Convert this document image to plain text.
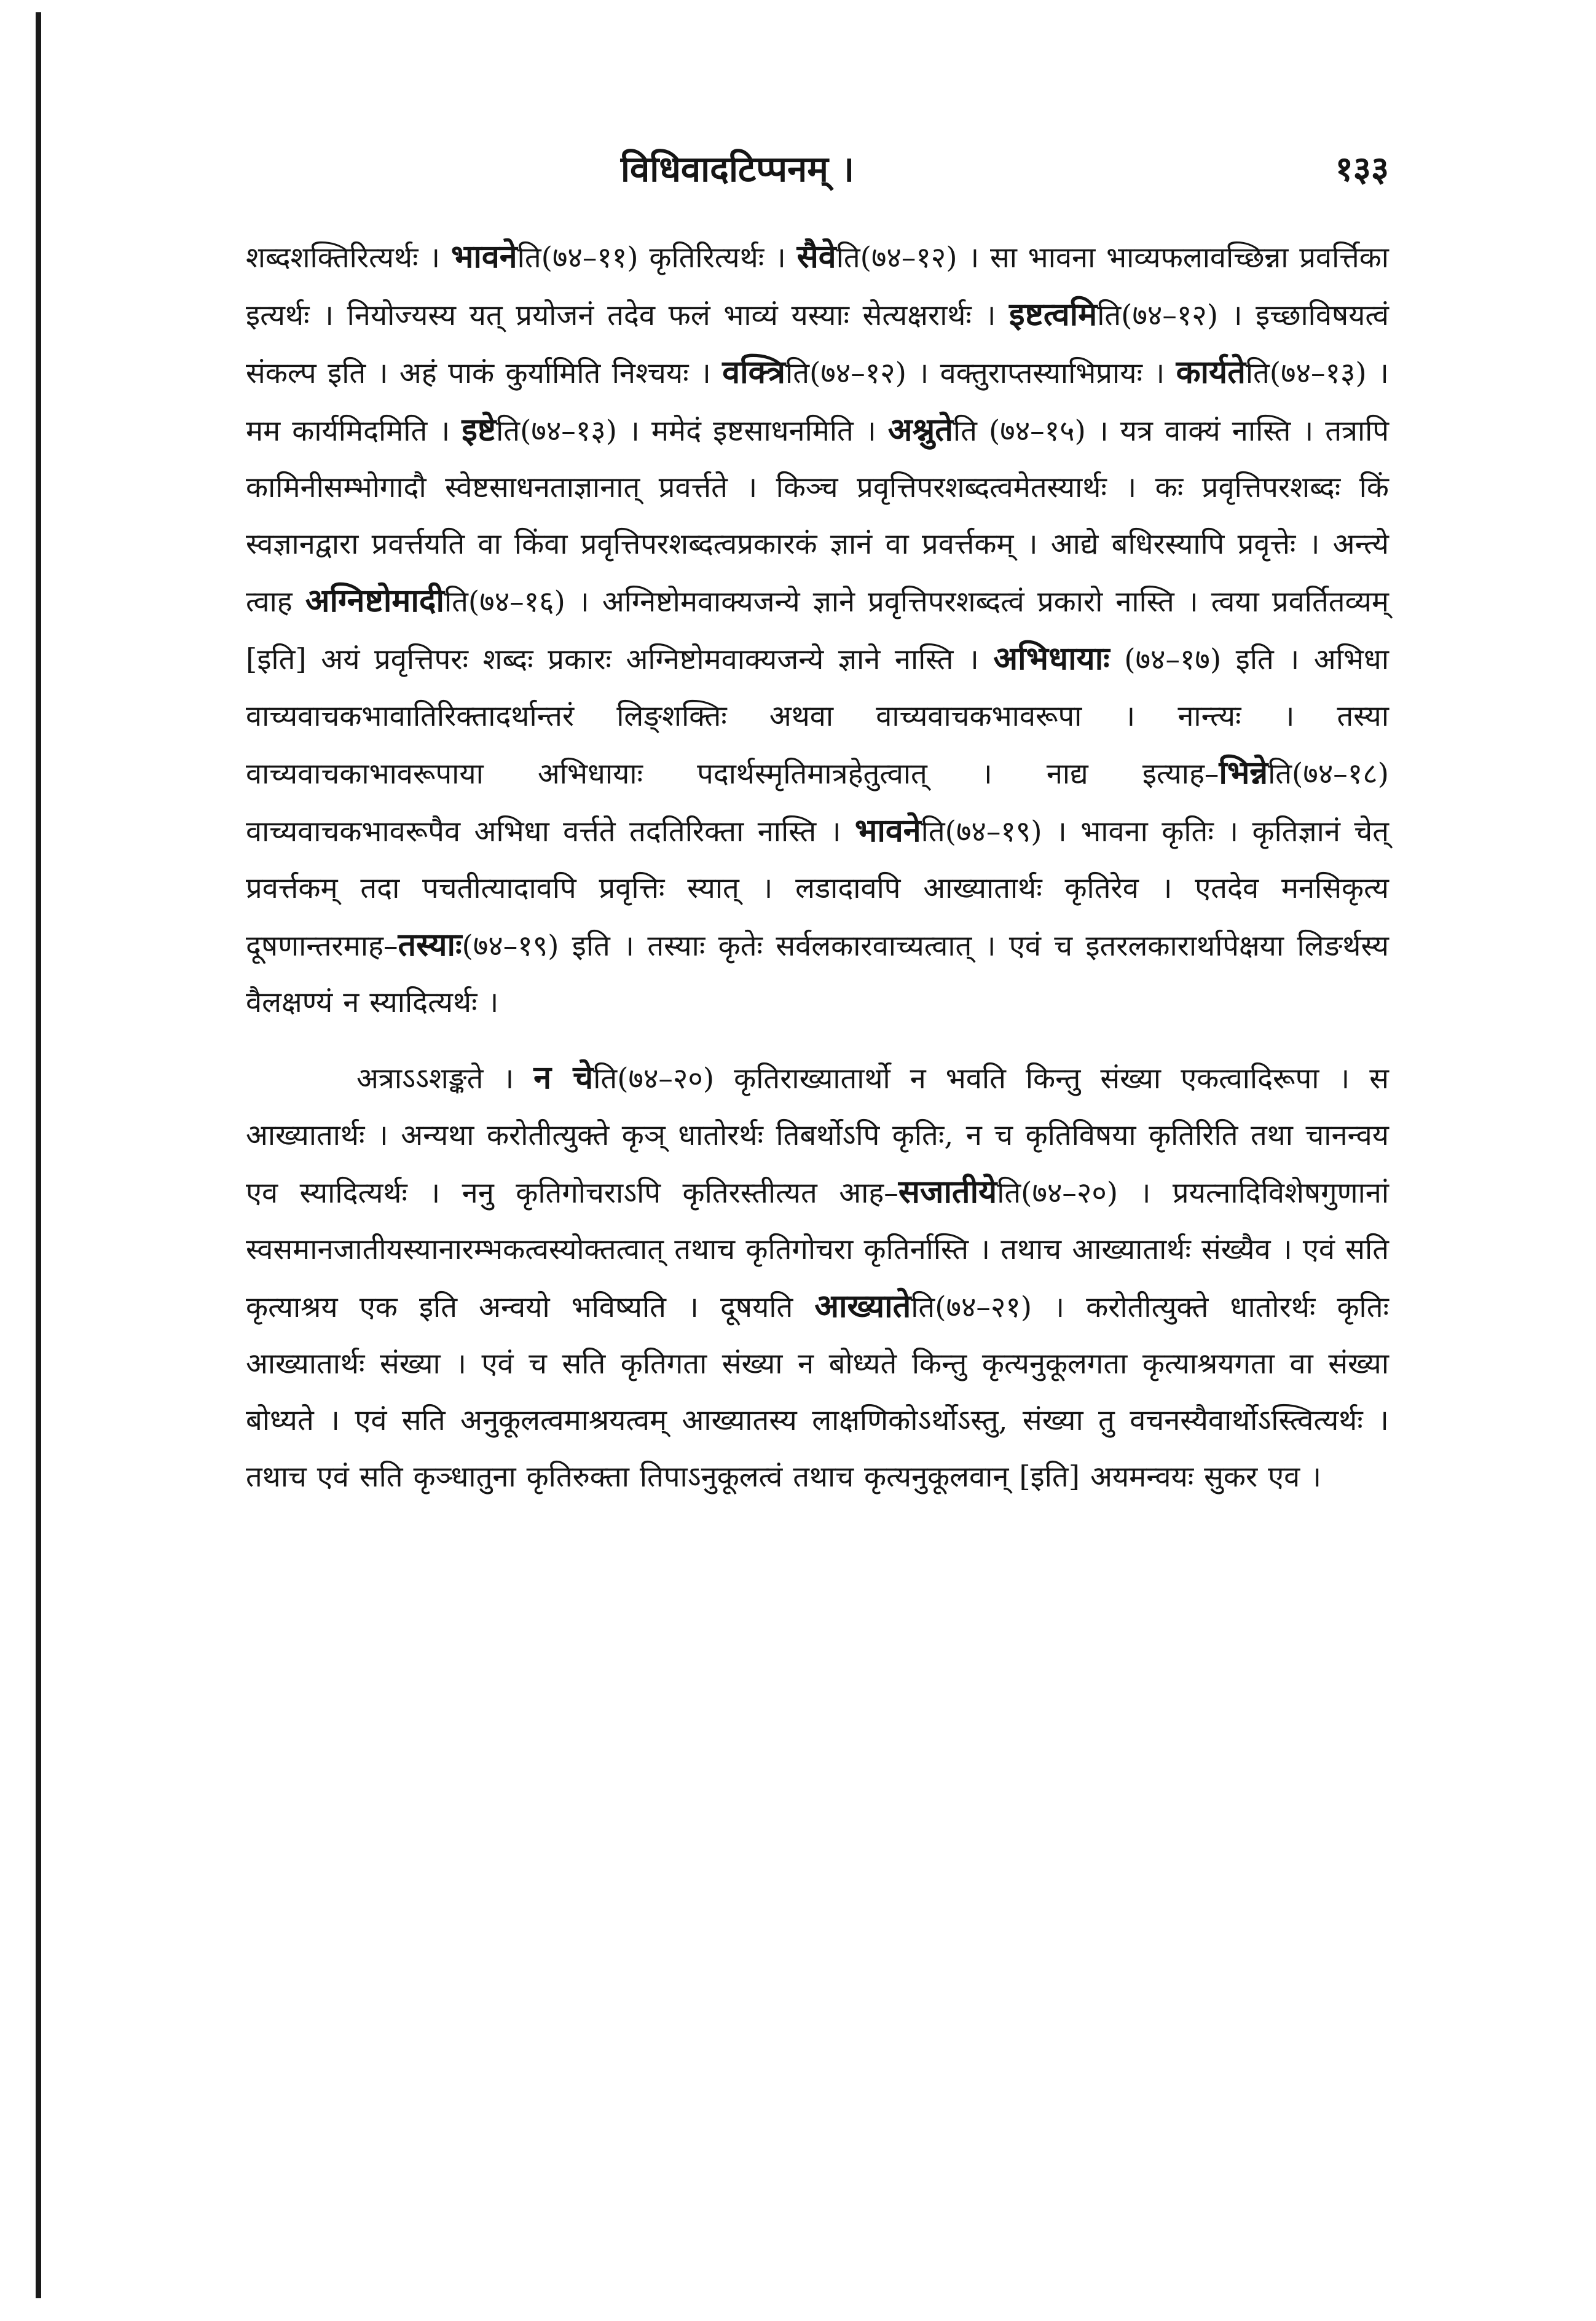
विधिवादटिप्पनम् ।	१३३

शब्दशक्तिरित्यर्थः । भावनेति(७४–११) कृतिरित्यर्थः । सैवेति(७४–१२) । सा भावना भाव्यफलावच्छिन्ना प्रवर्त्तिका इत्यर्थः । नियोज्यस्य यत् प्रयोजनं तदेव फलं भाव्यं यस्याः सेत्यक्षरार्थः । इष्टत्वमिति(७४–१२) । इच्छाविषयत्वं संकल्प इति । अहं पाकं कुर्यामिति निश्चयः । वक्त्रिति(७४–१२) । वक्तुराप्तस्याभिप्रायः । कार्यतेति(७४–१३) । मम कार्यमिदमिति । इष्टेति(७४–१३) । ममेदं इष्टसाधनमिति । अश्नुतेति (७४–१५) । यत्र वाक्यं नास्ति । तत्रापि कामिनीसम्भोगादौ स्वेष्टसाधनताज्ञानात् प्रवर्त्तते । किञ्च प्रवृत्तिपरशब्दत्वमेतस्यार्थः । कः प्रवृत्तिपरशब्दः किं स्वज्ञानद्वारा प्रवर्त्तयति वा किंवा प्रवृत्तिपरशब्दत्वप्रकारकं ज्ञानं वा प्रवर्त्तकम् । आद्ये बधिरस्यापि प्रवृत्तेः । अन्त्ये त्वाह अग्निष्टोमादीति(७४–१६) । अग्निष्टोमवाक्यजन्ये ज्ञाने प्रवृत्तिपरशब्दत्वं प्रकारो नास्ति । त्वया प्रवर्तितव्यम् [इति] अयं प्रवृत्तिपरः शब्दः प्रकारः अग्निष्टोमवाक्यजन्ये ज्ञाने नास्ति । अभिधायाः (७४–१७) इति । अभिधा वाच्यवाचकभावातिरिक्तादर्थान्तरं लिङ्शक्तिः अथवा वाच्यवाचकभावरूपा । नान्त्यः । तस्या वाच्यवाचकाभावरूपाया अभिधायाः पदार्थस्मृतिमात्रहेतुत्वात् । नाद्य इत्याह–भिन्नेति(७४–१८) वाच्यवाचकभावरूपैव अभिधा वर्त्तते तदतिरिक्ता नास्ति । भावनेति(७४–१९) । भावना कृतिः । कृतिज्ञानं चेत् प्रवर्त्तकम् तदा पचतीत्यादावपि प्रवृत्तिः स्यात् । लडादावपि आख्यातार्थः कृतिरेव । एतदेव मनसिकृत्य दूषणान्तरमाह–तस्याः(७४–१९) इति । तस्याः कृतेः सर्वलकारवाच्यत्वात् । एवं च इतरलकारार्थापेक्षया लिङर्थस्य वैलक्षण्यं न स्यादित्यर्थः ।

अत्राऽऽशङ्कते । न चेति(७४–२०) कृतिराख्यातार्थो न भवति किन्तु संख्या एकत्वादिरूपा । स आख्यातार्थः । अन्यथा करोतीत्युक्ते कृञ् धातोरर्थः तिबर्थोऽपि कृतिः, न च कृतिविषया कृतिरिति तथा चानन्वय एव स्यादित्यर्थः । ननु कृतिगोचराऽपि कृतिरस्तीत्यत आह–सजातीयेति(७४–२०) । प्रयत्नादिविशेषगुणानां स्वसमानजातीयस्यानारम्भकत्वस्योक्तत्वात् तथाच कृतिगोचरा कृतिर्नास्ति । तथाच आख्यातार्थः संख्यैव । एवं सति कृत्याश्रय एक इति अन्वयो भविष्यति । दूषयति आख्यातेति(७४–२१) । करोतीत्युक्ते धातोरर्थः कृतिः आख्यातार्थः संख्या । एवं च सति कृतिगता संख्या न बोध्यते किन्तु कृत्यनुकूलगता कृत्याश्रयगता वा संख्या बोध्यते । एवं सति अनुकूलत्वमाश्रयत्वम् आख्यातस्य लाक्षणिकोऽर्थोऽस्तु, संख्या तु वचनस्यैवार्थोऽस्त्वित्यर्थः । तथाच एवं सति कृञ्धातुना कृतिरुक्ता तिपाऽनुकूलत्वं तथाच कृत्यनुकूलवान् [इति] अयमन्वयः सुकर एव ।
